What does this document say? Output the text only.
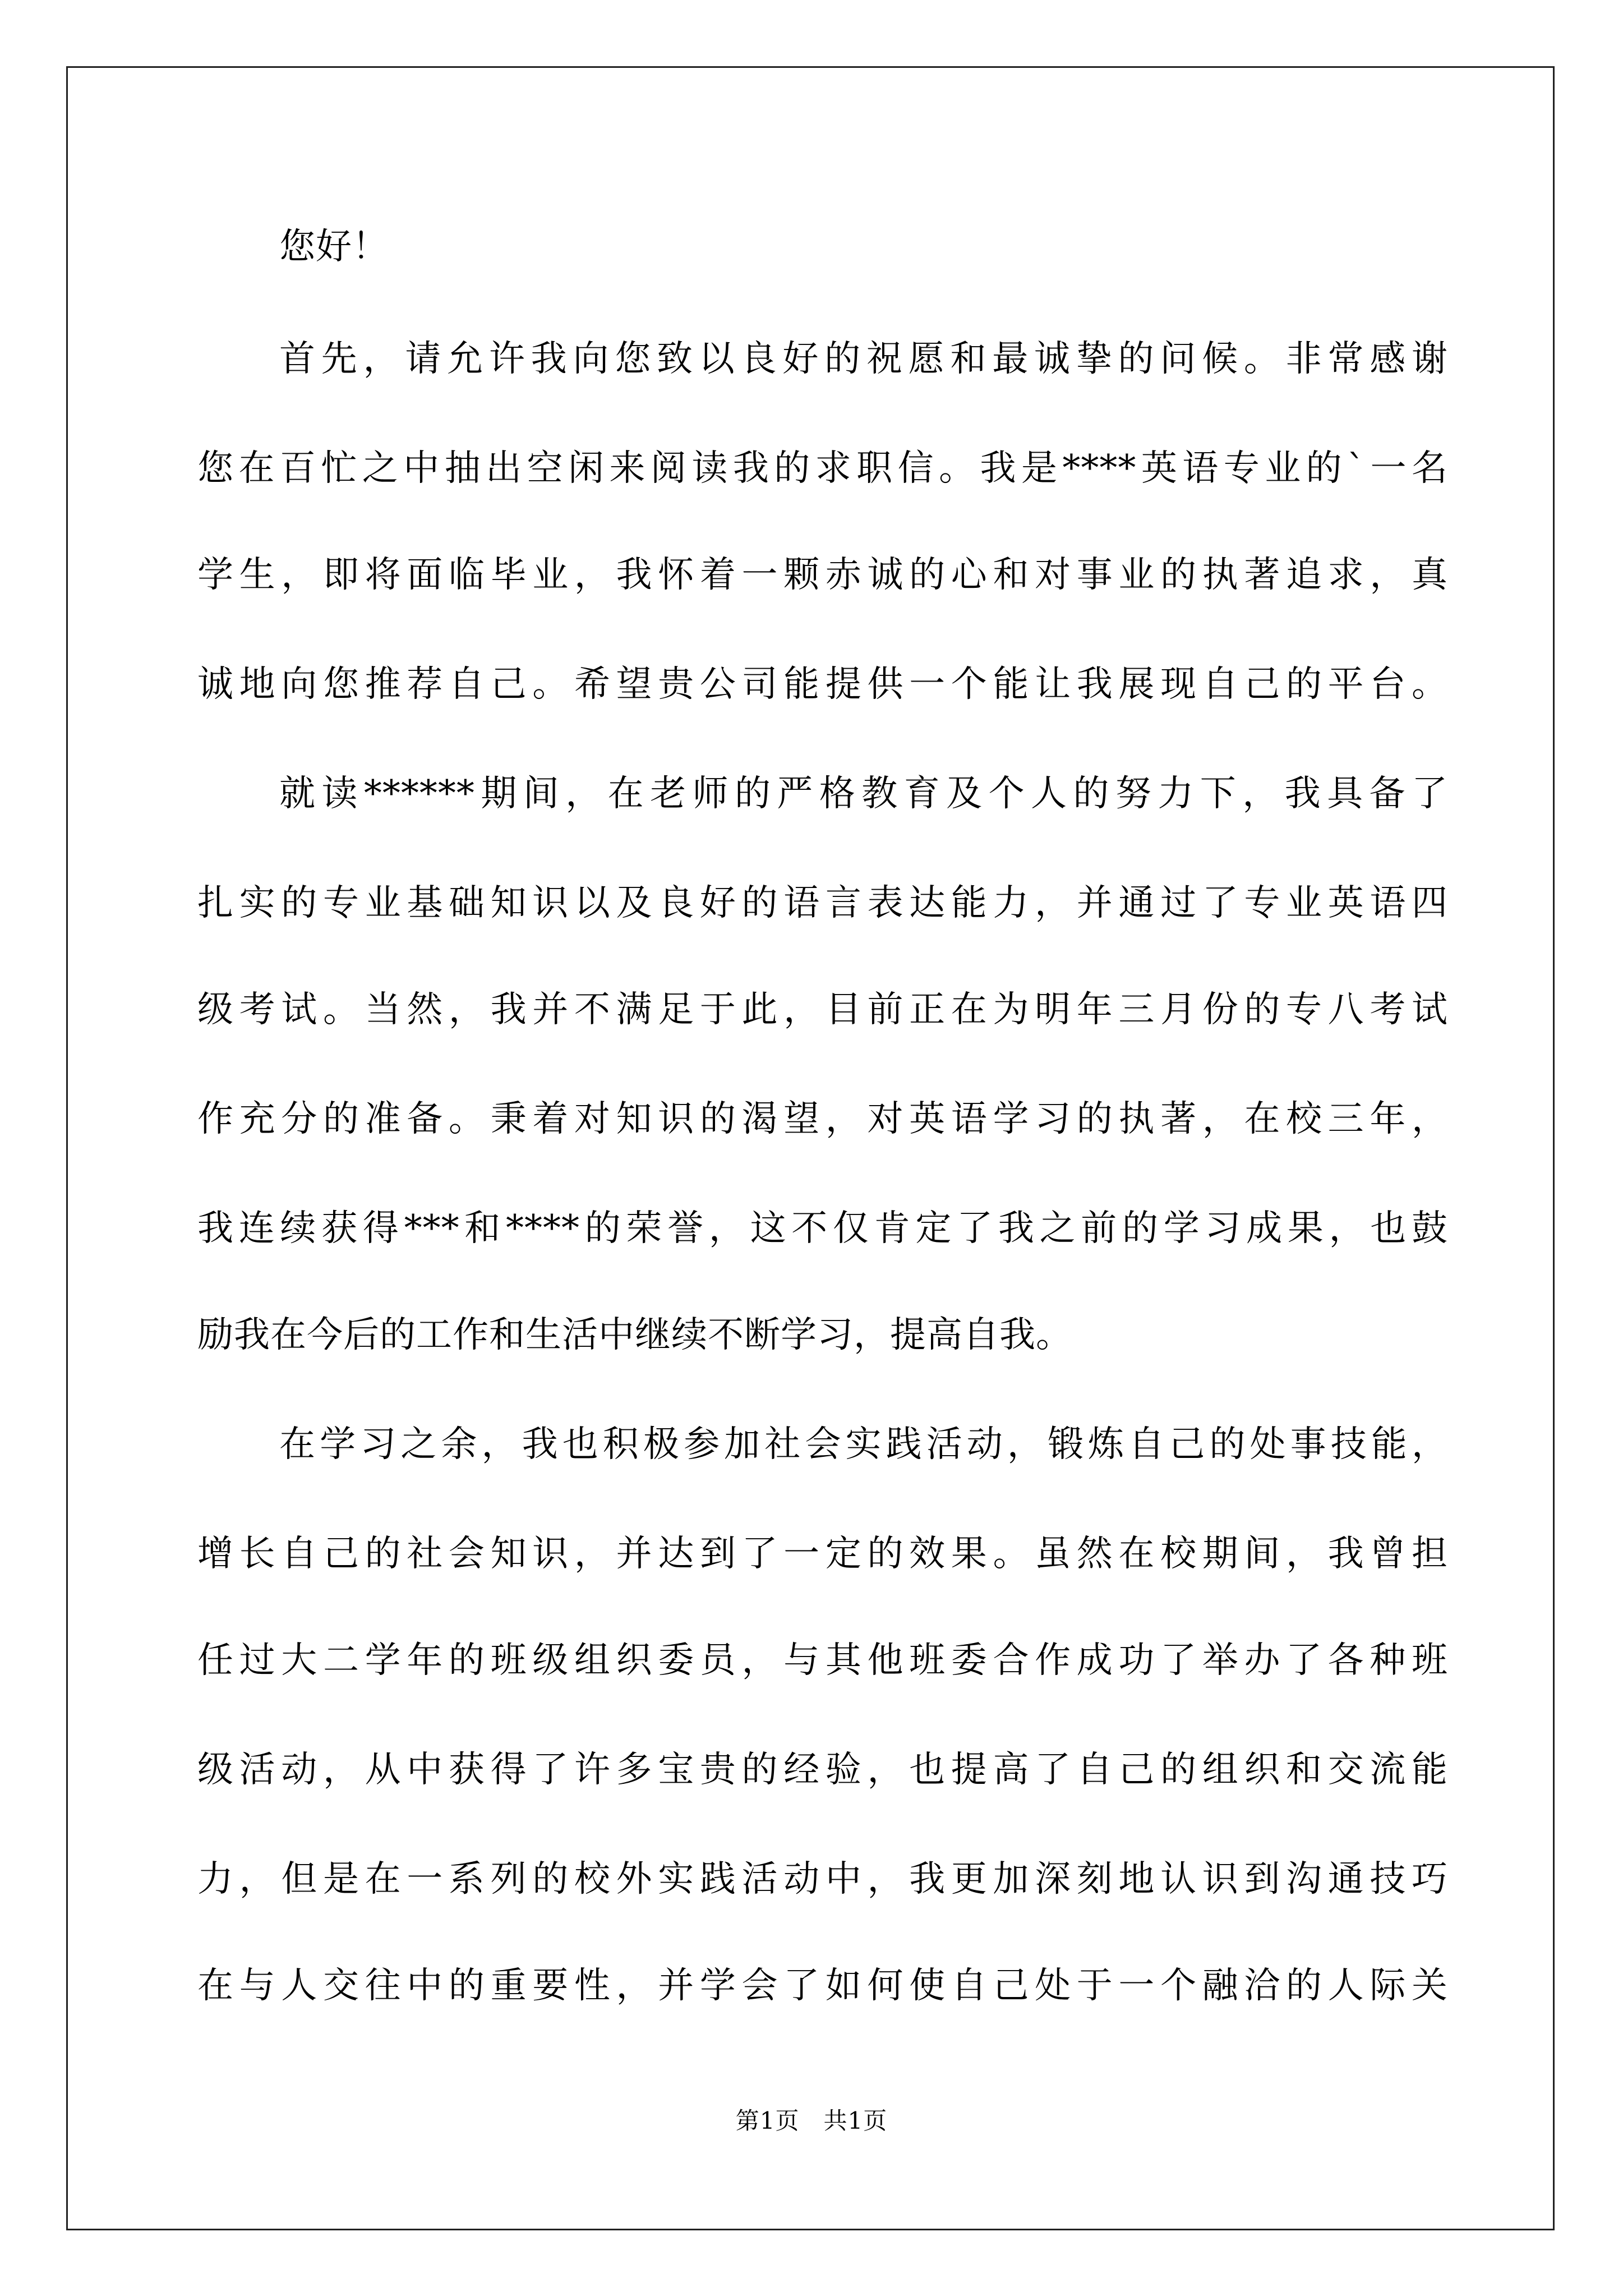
您好！
首先，请允许我向您致以良好的祝愿和最诚挚的问候。非常感谢
您在百忙之中抽出空闲来阅读我的求职信。我是****英语专业的`一名
学生，即将面临毕业，我怀着一颗赤诚的心和对事业的执著追求，真
诚地向您推荐自己。希望贵公司能提供一个能让我展现自己的平台。
就读******期间，在老师的严格教育及个人的努力下，我具备了
扎实的专业基础知识以及良好的语言表达能力，并通过了专业英语四
级考试。当然，我并不满足于此，目前正在为明年三月份的专八考试
作充分的准备。秉着对知识的渴望，对英语学习的执著，在校三年，
我连续获得***和****的荣誉，这不仅肯定了我之前的学习成果，也鼓
励我在今后的工作和生活中继续不断学习，提高自我。
在学习之余，我也积极参加社会实践活动，锻炼自己的处事技能，
增长自己的社会知识，并达到了一定的效果。虽然在校期间，我曾担
任过大二学年的班级组织委员，与其他班委合作成功了举办了各种班
级活动，从中获得了许多宝贵的经验，也提高了自己的组织和交流能
力，但是在一系列的校外实践活动中，我更加深刻地认识到沟通技巧
在与人交往中的重要性，并学会了如何使自己处于一个融洽的人际关
第1页　共1页
